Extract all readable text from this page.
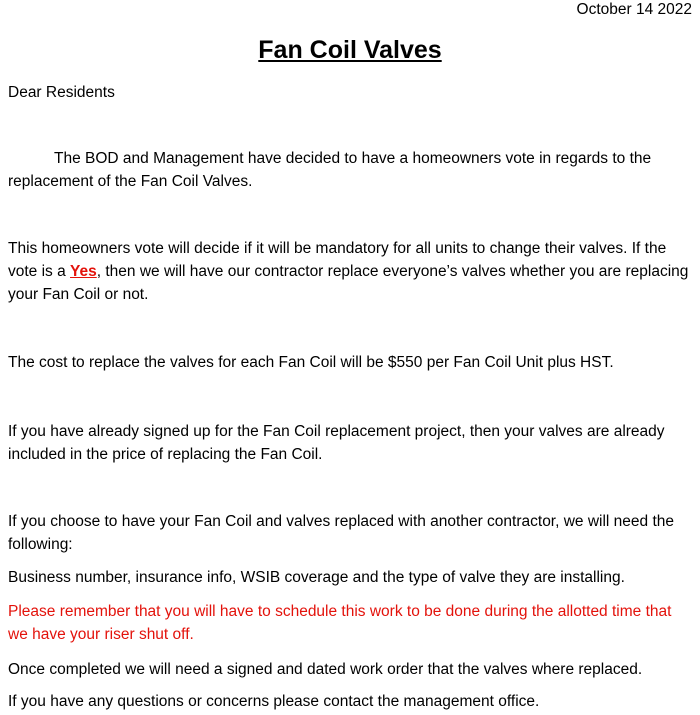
October 14 2022
Fan Coil Valves

Dear Residents

The BOD and Management have decided to have a homeowners vote in regards to the replacement of the Fan Coil Valves.

This homeowners vote will decide if it will be mandatory for all units to change their valves. If the vote is a Yes, then we will have our contractor replace everyone’s valves whether you are replacing your Fan Coil or not.

The cost to replace the valves for each Fan Coil will be $550 per Fan Coil Unit plus HST.

If you have already signed up for the Fan Coil replacement project, then your valves are already included in the price of replacing the Fan Coil.

If you choose to have your Fan Coil and valves replaced with another contractor, we will need the following:

Business number, insurance info, WSIB coverage and the type of valve they are installing.

Please remember that you will have to schedule this work to be done during the allotted time that we have your riser shut off.

Once completed we will need a signed and dated work order that the valves where replaced.

If you have any questions or concerns please contact the management office.
